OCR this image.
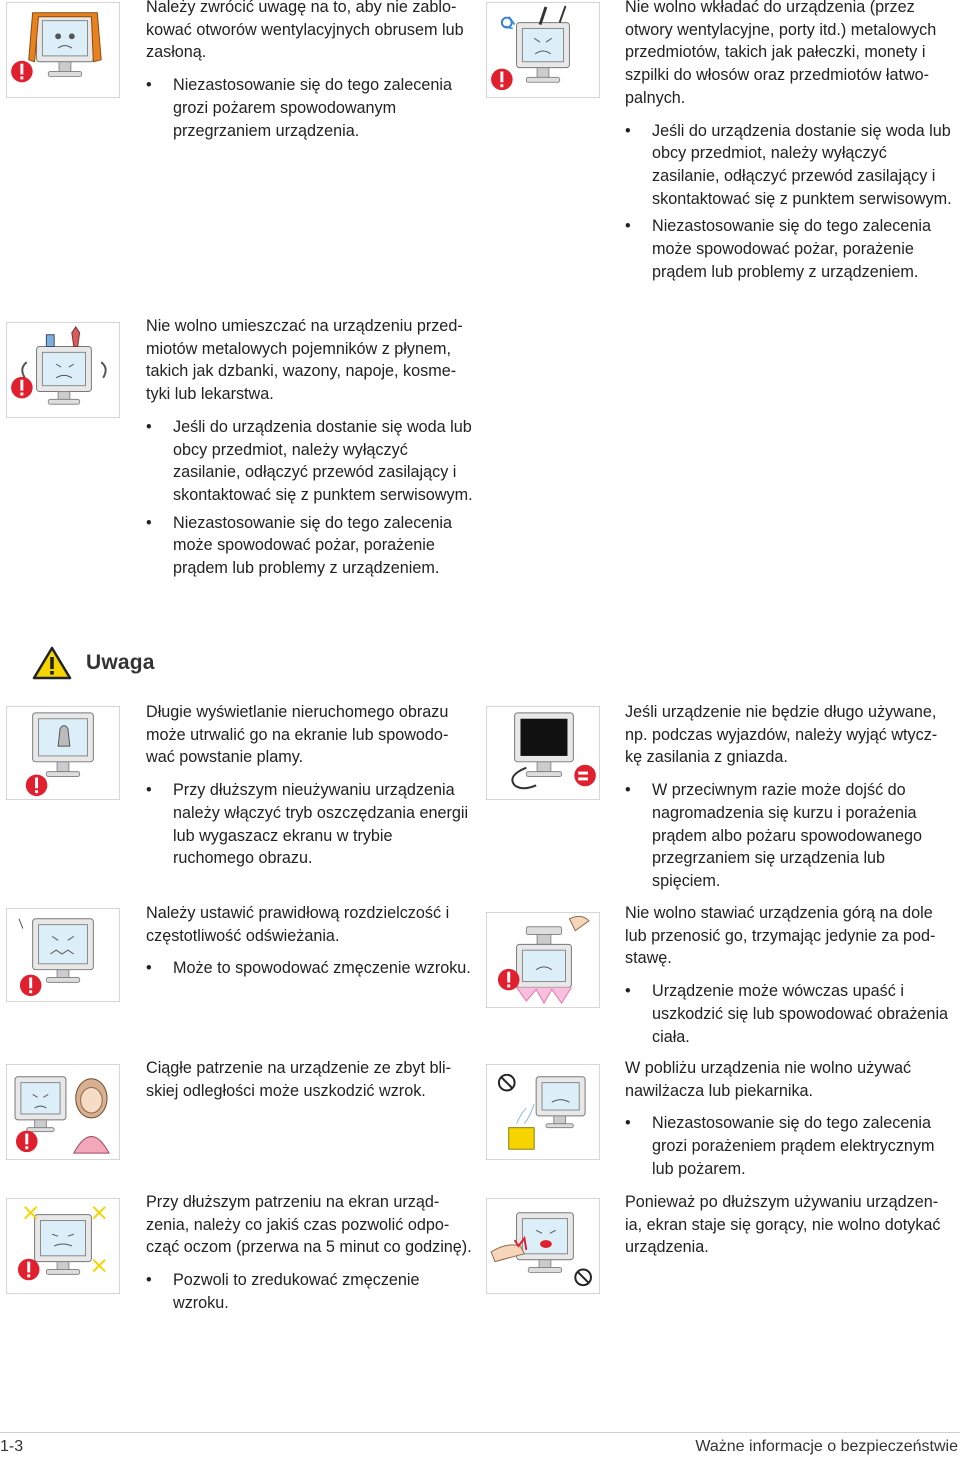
Należy zwrócić uwagę na to, aby nie zablo- kować otworów wentylacyjnych obrusem lub zasłoną.

• Niezastosowanie się do tego zalecenia grozi pożarem spowodowanym przegrzaniem urządzenia.

Nie wolno wkładać do urządzenia (przez otwory wentylacyjne, porty itd.) metalowych przedmiotów, takich jak pałeczki, monety i szpilki do włosów oraz przedmiotów łatwo- palnych.

• Jeśli do urządzenia dostanie się woda lub obcy przedmiot, należy wyłączyć zasilanie, odłączyć przewód zasilający i skontaktować się z punktem serwisowym.
• Niezastosowanie się do tego zalecenia może spowodować pożar, porażenie prądem lub problemy z urządzeniem.

Nie wolno umieszczać na urządzeniu przed- miotów metalowych pojemników z płynem, takich jak dzbanki, wazony, napoje, kosme- tyki lub lekarstwa.

• Jeśli do urządzenia dostanie się woda lub obcy przedmiot, należy wyłączyć zasilanie, odłączyć przewód zasilający i skontaktować się z punktem serwisowym.
• Niezastosowanie się do tego zalecenia może spowodować pożar, porażenie prądem lub problemy z urządzeniem.
Uwaga

Długie wyświetlanie nieruchomego obrazu może utrwalić go na ekranie lub spowodo- wać powstanie plamy.

• Przy dłuższym nieużywaniu urządzenia należy włączyć tryb oszczędzania energii lub wygaszacz ekranu w trybie ruchomego obrazu.

Jeśli urządzenie nie będzie długo używane, np. podczas wyjazdów, należy wyjąć wtycz- kę zasilania z gniazda.

• W przeciwnym razie może dojść do nagromadzenia się kurzu i porażenia prądem albo pożaru spowodowanego przegrzaniem się urządzenia lub spięciem.

Należy ustawić prawidłową rozdzielczość i częstotliwość odświeżania.

• Może to spowodować zmęczenie wzroku.

Nie wolno stawiać urządzenia górą na dole lub przenosić go, trzymając jedynie za pod- stawę.

• Urządzenie może wówczas upaść i uszkodzić się lub spowodować obrażenia ciała.

Ciągłe patrzenie na urządzenie ze zbyt bli- skiej odległości może uszkodzić wzrok.

W pobliżu urządzenia nie wolno używać nawilżacza lub piekarnika.

• Niezastosowanie się do tego zalecenia grozi porażeniem prądem elektrycznym lub pożarem.

Przy dłuższym patrzeniu na ekran urząd- zenia, należy co jakiś czas pozwolić odpo- cząć oczom (przerwa na 5 minut co godzinę).

• Pozwoli to zredukować zmęczenie wzroku.

Ponieważ po dłuższym używaniu urządzen- ia, ekran staje się gorący, nie wolno dotykać urządzenia.

1-3	Ważne informacje o bezpieczeństwie
